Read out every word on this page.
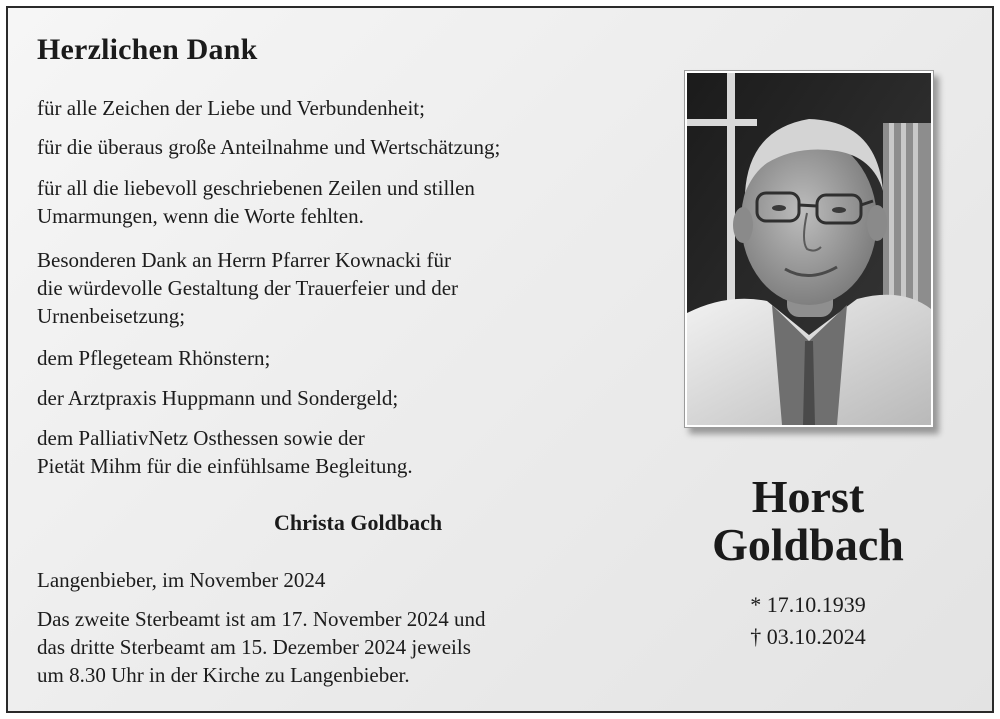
Herzlichen Dank

für alle Zeichen der Liebe und Verbundenheit;

für die überaus große Anteilnahme und Wertschätzung;

für all die liebevoll geschriebenen Zeilen und stillen
Umarmungen, wenn die Worte fehlten.

Besonderen Dank an Herrn Pfarrer Kownacki für
die würdevolle Gestaltung der Trauerfeier und der
Urnenbeisetzung;

dem Pflegeteam Rhönstern;

der Arztpraxis Huppmann und Sondergeld;

dem PalliativNetz Osthessen sowie der
Pietät Mihm für die einfühlsame Begleitung.

Christa Goldbach

Langenbieber, im November 2024

Das zweite Sterbeamt ist am 17. November 2024 und
das dritte Sterbeamt am 15. Dezember 2024 jeweils
um 8.30 Uhr in der Kirche zu Langenbieber.

Horst
Goldbach

* 17.10.1939

† 03.10.2024
